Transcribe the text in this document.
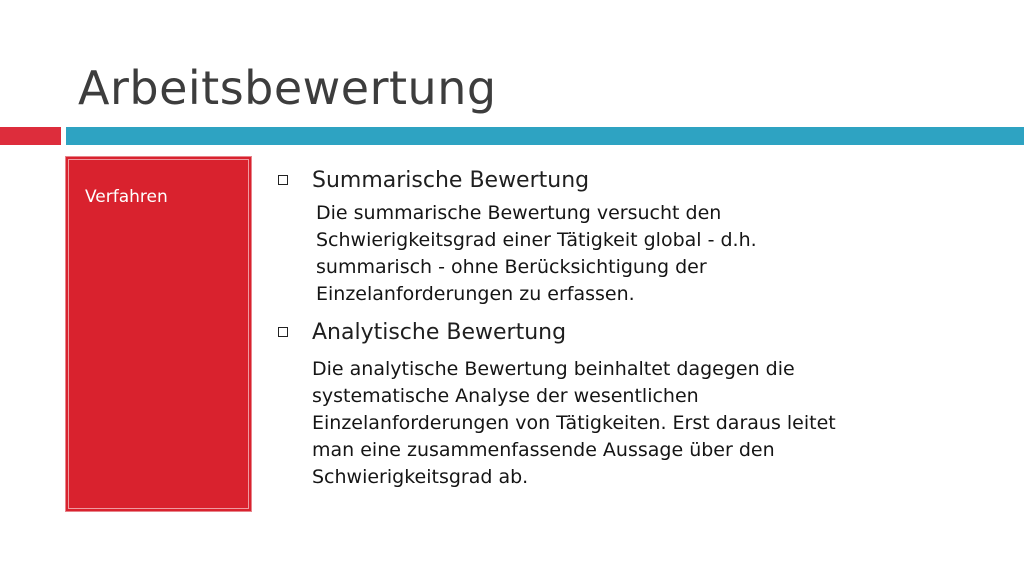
Arbeitsbewertung
Verfahren
Summarische Bewertung
Die summarische Bewertung versucht den
Schwierigkeitsgrad einer Tätigkeit global - d.h.
summarisch - ohne Berücksichtigung der
Einzelanforderungen zu erfassen.
Analytische Bewertung
Die analytische Bewertung beinhaltet dagegen die
systematische Analyse der wesentlichen
Einzelanforderungen von Tätigkeiten. Erst daraus leitet
man eine zusammenfassende Aussage über den
Schwierigkeitsgrad ab.
